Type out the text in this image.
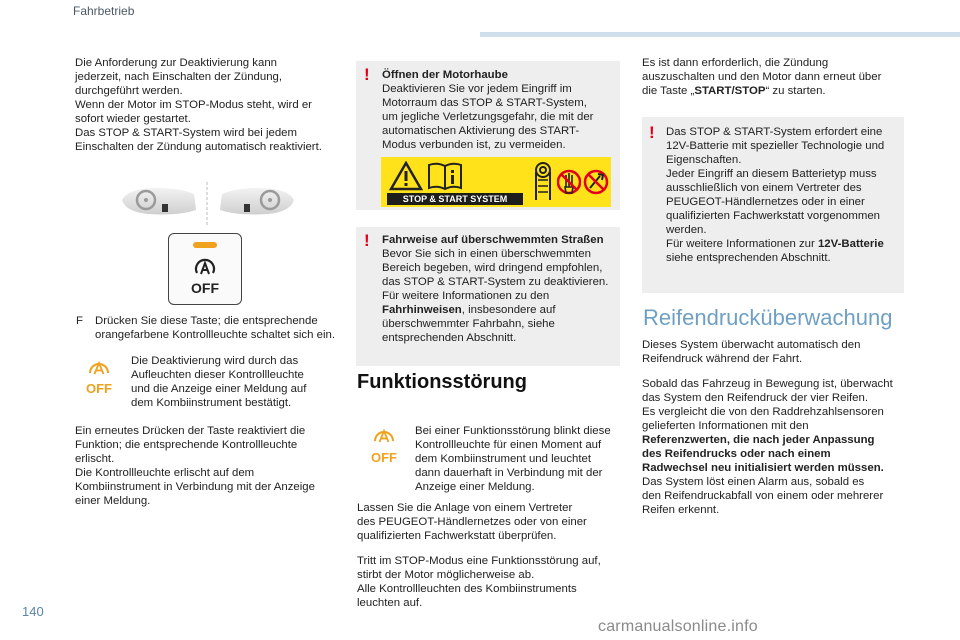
Fahrbetrieb

Die Anforderung zur Deaktivierung kann

jederzeit, nach Einschalten der Zündung,

durchgeführt werden.

Wenn der Motor im STOP-Modus steht, wird er

sofort wieder gestartet.

Das STOP & START-System wird bei jedem

Einschalten der Zündung automatisch reaktiviert.

OFF
F	Drücken Sie diese Taste; die entsprechende

orangefarbene Kontrollleuchte schaltet sich ein.

OFF

Die Deaktivierung wird durch das

Aufleuchten dieser Kontrollleuchte

und die Anzeige einer Meldung auf

dem Kombiinstrument bestätigt.

Ein erneutes Drücken der Taste reaktiviert die

Funktion; die entsprechende Kontrollleuchte

erlischt.

Die Kontrollleuchte erlischt auf dem

Kombiinstrument in Verbindung mit der Anzeige

einer Meldung.

! Öffnen der Motorhaube

Deaktivieren Sie vor jedem Eingriff im

Motorraum das STOP & START-System,

um jegliche Verletzungsgefahr, die mit der

automatischen Aktivierung des START-

Modus verbunden ist, zu vermeiden.

STOP & START SYSTEM
! Fahrweise auf überschwemmten Straßen

Bevor Sie sich in einen überschwemmten

Bereich begeben, wird dringend empfohlen,

das STOP & START-System zu deaktivieren.

Für weitere Informationen zu den

Fahrhinweisen, insbesondere auf

überschwemmter Fahrbahn, siehe

entsprechenden Abschnitt.

Funktionsstörung
OFF

Bei einer Funktionsstörung blinkt diese

Kontrollleuchte für einen Moment auf

dem Kombiinstrument und leuchtet

dann dauerhaft in Verbindung mit der

Anzeige einer Meldung.

Lassen Sie die Anlage von einem Vertreter

des PEUGEOT-Händlernetzes oder von einer

qualifizierten Fachwerkstatt überprüfen.

Tritt im STOP-Modus eine Funktionsstörung auf,

stirbt der Motor möglicherweise ab.

Alle Kontrollleuchten des Kombiinstruments

leuchten auf.

Es ist dann erforderlich, die Zündung

auszuschalten und den Motor dann erneut über

die Taste „START/STOP“ zu starten.

! Das STOP & START-System erfordert eine

12V-Batterie mit spezieller Technologie und

Eigenschaften.

Jeder Eingriff an diesem Batterietyp muss

ausschließlich von einem Vertreter des

PEUGEOT-Händlernetzes oder in einer

qualifizierten Fachwerkstatt vorgenommen

werden.

Für weitere Informationen zur 12V-Batterie

siehe entsprechenden Abschnitt.

Reifendrucküberwachung

Dieses System überwacht automatisch den

Reifendruck während der Fahrt.

Sobald das Fahrzeug in Bewegung ist, überwacht

das System den Reifendruck der vier Reifen.

Es vergleicht die von den Raddrehzahlsensoren

gelieferten Informationen mit den

Referenzwerten, die nach jeder Anpassung

des Reifendrucks oder nach einem

Radwechsel neu initialisiert werden müssen.

Das System löst einen Alarm aus, sobald es

den Reifendruckabfall von einem oder mehrerer

Reifen erkennt.

140
carmanualsonline.info
